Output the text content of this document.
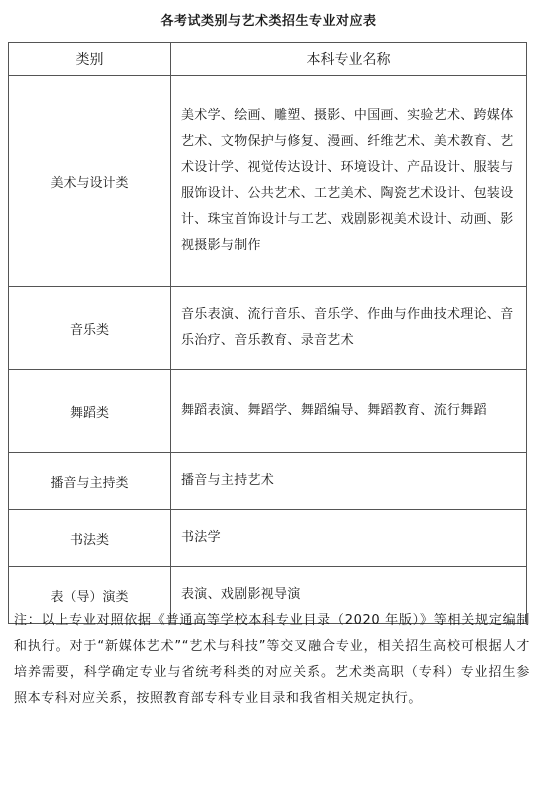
各考试类别与艺术类招生专业对应表
类别	本科专业名称
美术与设计类	美术学、绘画、雕塑、摄影、中国画、实验艺术、跨媒体艺术、文物保护与修复、漫画、纤维艺术、美术教育、艺术设计学、视觉传达设计、环境设计、产品设计、服装与服饰设计、公共艺术、工艺美术、陶瓷艺术设计、包装设计、珠宝首饰设计与工艺、戏剧影视美术设计、动画、影视摄影与制作
音乐类	音乐表演、流行音乐、音乐学、作曲与作曲技术理论、音乐治疗、音乐教育、录音艺术
舞蹈类	舞蹈表演、舞蹈学、舞蹈编导、舞蹈教育、流行舞蹈
播音与主持类	播音与主持艺术
书法类	书法学
表（导）演类	表演、戏剧影视导演
注：以上专业对照依据《普通高等学校本科专业目录（2020 年版）》等相关规定编制和执行。对于“新媒体艺术”“艺术与科技”等交叉融合专业，相关招生高校可根据人才培养需要，科学确定专业与省统考科类的对应关系。艺术类高职（专科）专业招生参照本专科对应关系，按照教育部专科专业目录和我省相关规定执行。
